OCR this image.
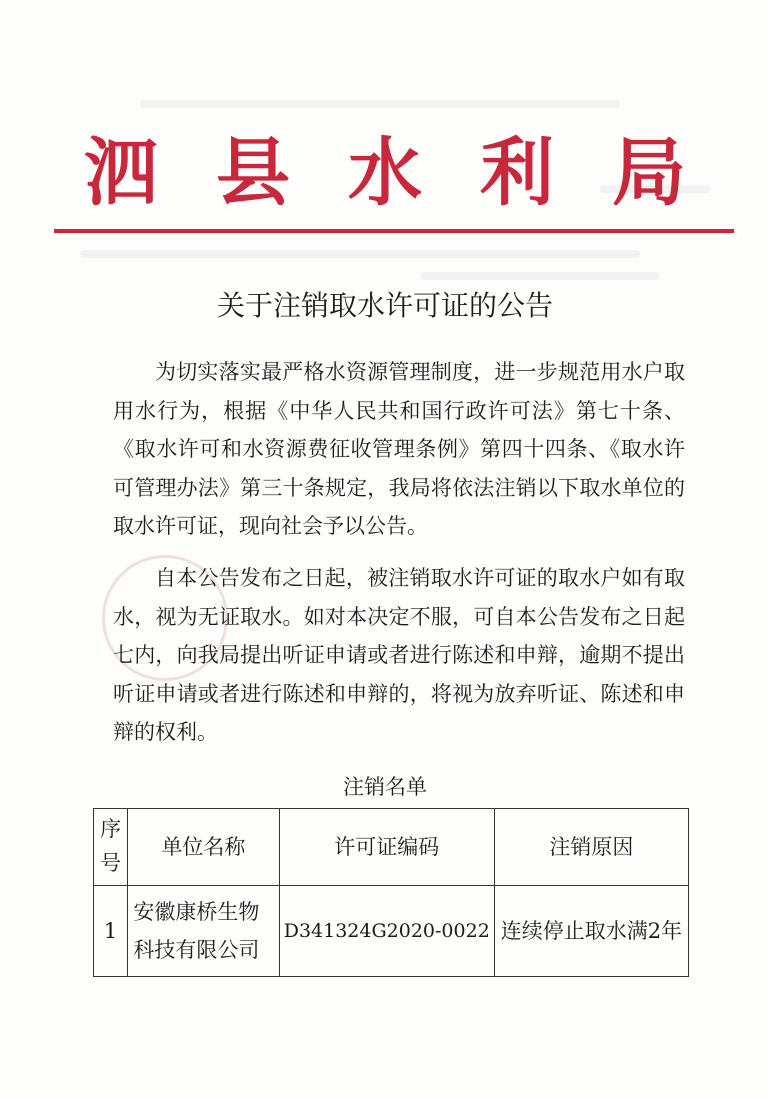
泗县水利局
关于注销取水许可证的公告

为切实落实最严格水资源管理制度，进一步规范用水户取用水行为，根据《中华人民共和国行政许可法》第七十条、《取水许可和水资源费征收管理条例》第四十四条、《取水许可管理办法》第三十条规定，我局将依法注销以下取水单位的取水许可证，现向社会予以公告。

自本公告发布之日起，被注销取水许可证的取水户如有取水，视为无证取水。如对本决定不服，可自本公告发布之日起七内，向我局提出听证申请或者进行陈述和申辩，逾期不提出听证申请或者进行陈述和申辩的，将视为放弃听证、陈述和申辩的权利。

注销名单
序号	单位名称	许可证编码	注销原因
1	安徽康桥生物科技有限公司	D341324G2020-0022	连续停止取水满2年
